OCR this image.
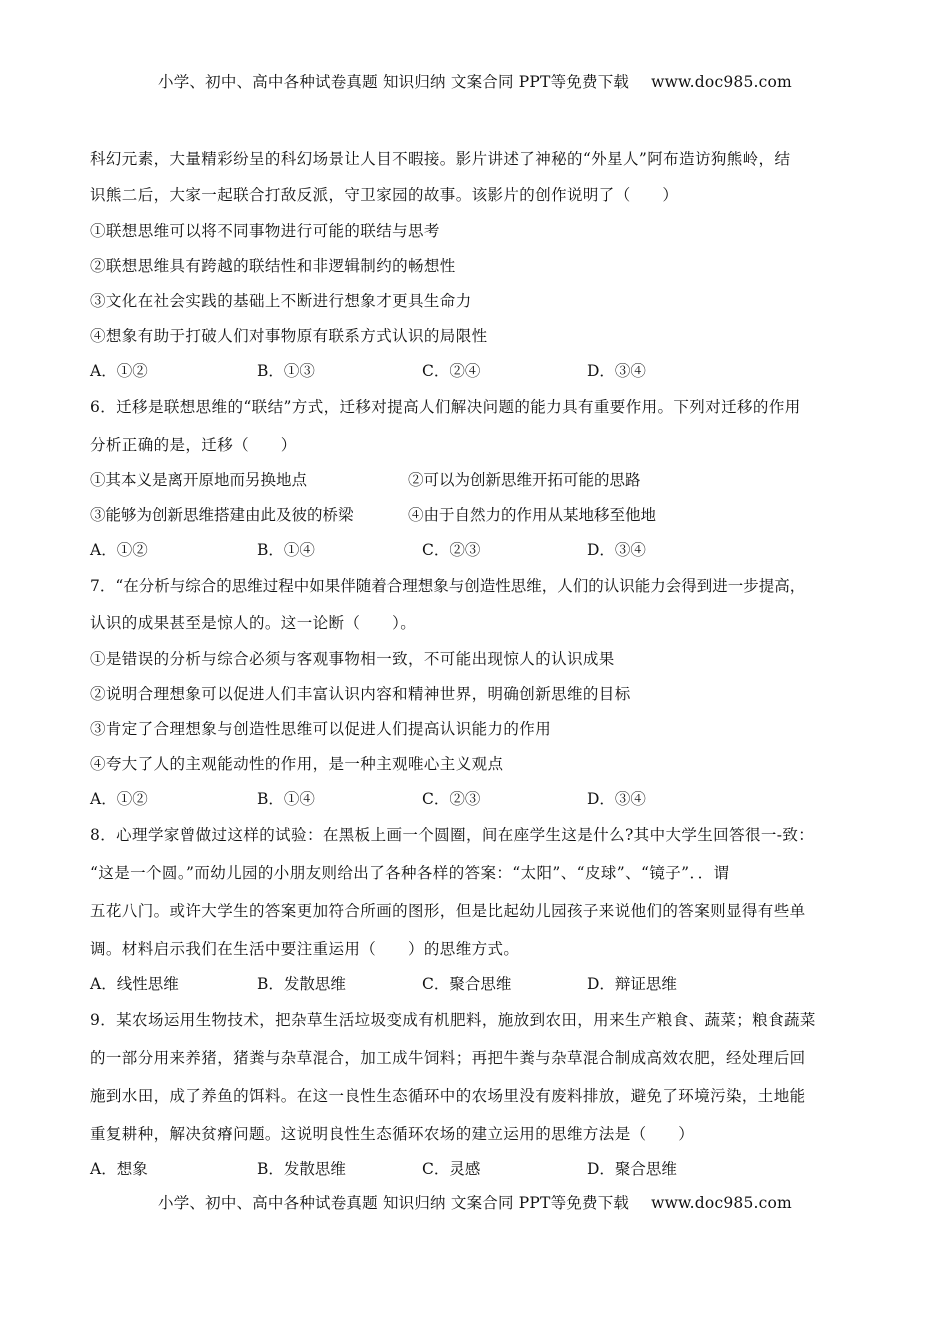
小学、初中、高中各种试卷真题 知识归纳 文案合同 PPT等免费下载 www.doc985.com
科幻元素，大量精彩纷呈的科幻场景让人目不暇接。影片讲述了神秘的“外星人”阿布造访狗熊岭，结
识熊二后，大家一起联合打敌反派，守卫家园的故事。该影片的创作说明了（　　）
①联想思维可以将不同事物进行可能的联结与思考
②联想思维具有跨越的联结性和非逻辑制约的畅想性
③文化在社会实践的基础上不断进行想象才更具生命力
④想象有助于打破人们对事物原有联系方式认识的局限性
A．①②	B．①③	C．②④	D．③④
6．迁移是联想思维的“联结”方式，迁移对提高人们解决问题的能力具有重要作用。下列对迁移的作用
分析正确的是，迁移（　　）
①其本义是离开原地而另换地点	②可以为创新思维开拓可能的思路
③能够为创新思维搭建由此及彼的桥梁	④由于自然力的作用从某地移至他地
A．①②	B．①④	C．②③	D．③④
7．“在分析与综合的思维过程中如果伴随着合理想象与创造性思维，人们的认识能力会得到进一步提高，
认识的成果甚至是惊人的。这一论断（　　）。
①是错误的分析与综合必须与客观事物相一致，不可能出现惊人的认识成果
②说明合理想象可以促进人们丰富认识内容和精神世界，明确创新思维的目标
③肯定了合理想象与创造性思维可以促进人们提高认识能力的作用
④夸大了人的主观能动性的作用，是一种主观唯心主义观点
A．①②	B．①④	C．②③	D．③④
8．心理学家曾做过这样的试验：在黑板上画一个圆圈，间在座学生这是什么?其中大学生回答很一-致：
“这是一个圆。”而幼儿园的小朋友则给出了各种各样的答案：“太阳”、“皮球”、“镜子”．．谓
五花八门。或许大学生的答案更加符合所画的图形，但是比起幼儿园孩子来说他们的答案则显得有些单
调。材料启示我们在生活中要注重运用（　　）的思维方式。
A．线性思维	B．发散思维	C．聚合思维	D．辩证思维
9．某农场运用生物技术，把杂草生活垃圾变成有机肥料，施放到农田，用来生产粮食、蔬菜；粮食蔬菜
的一部分用来养猪，猪粪与杂草混合，加工成牛饲料；再把牛粪与杂草混合制成高效农肥，经处理后回
施到水田，成了养鱼的饵料。在这一良性生态循环中的农场里没有废料排放，避免了环境污染，土地能
重复耕种，解决贫瘠问题。这说明良性生态循环农场的建立运用的思维方法是（　　）
A．想象	B．发散思维	C．灵感	D．聚合思维
小学、初中、高中各种试卷真题 知识归纳 文案合同 PPT等免费下载 www.doc985.com
